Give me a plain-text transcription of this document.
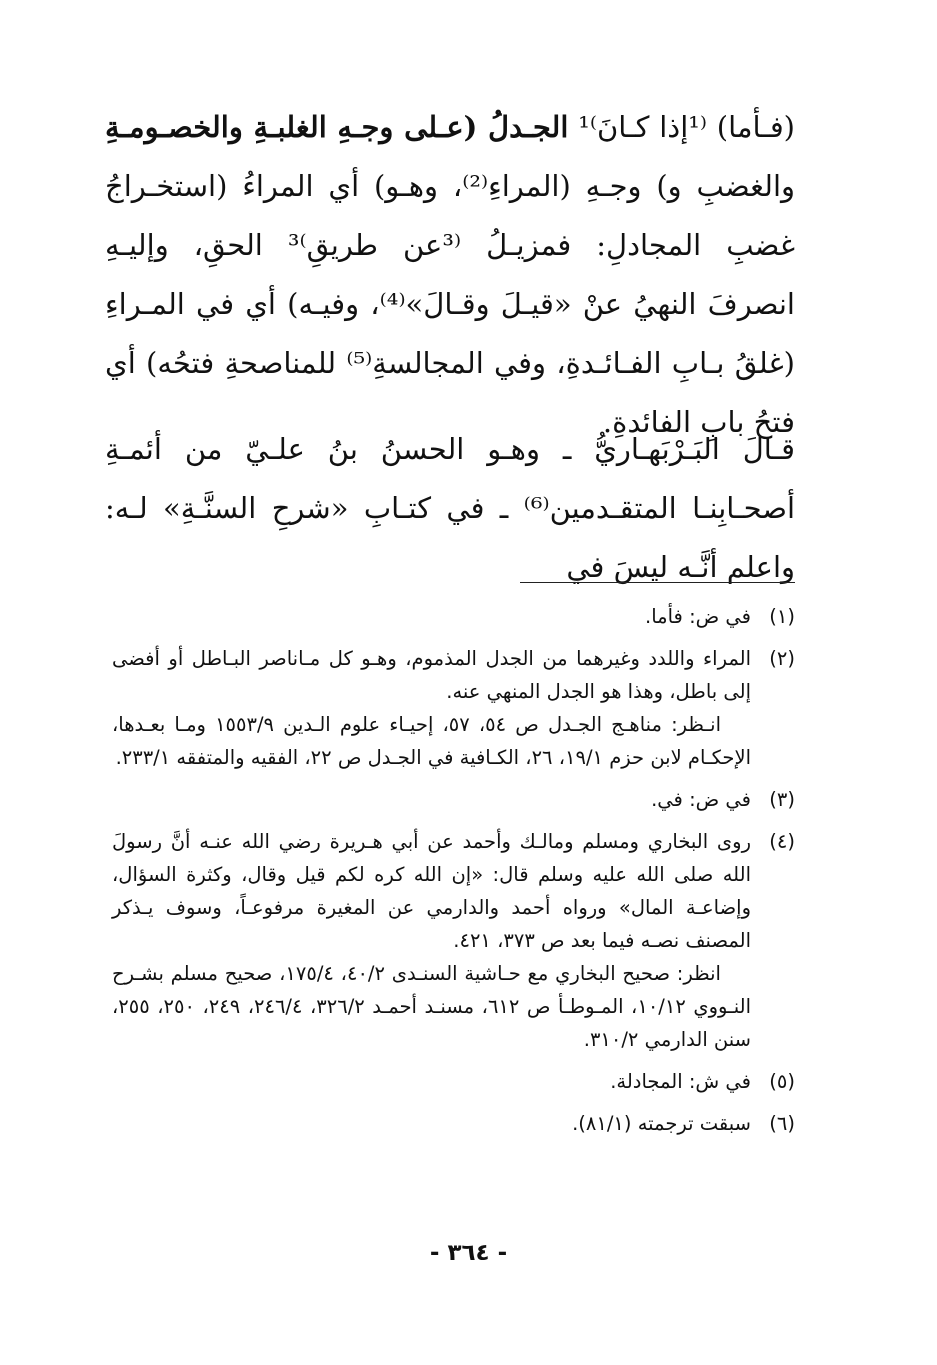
(فـأما) ⁽¹إذا كـانَ⁾¹ الجـدلُ (عـلى وجـهِ الغلبـةِ والخصـومـةِ والغضبِ و) وجـهِ (المراءِ⁽²⁾، وهـو) أي المراءُ (استخـراجُ غضبِ المجادلِ: فمزيـلُ ⁽³عن طريقِ⁾³ الحقِ، وإليـهِ انصرفَ النهيُ عنْ «قيـلَ وقـالَ»⁽⁴⁾، وفيـه) أي في المـراءِ (غلقُ بـابِ الفـائـدةِ، وفي المجالسةِ⁽⁵⁾ للمناصحةِ فتحُه) أي فتحُ بابِ الفائدةِ.

قـالَ البَـرْبَهـاريُّ ـ وهـو الحسنُ بنُ علـيّ من أئمـةِ أصحـابِنـا المتقـدمين⁽⁶⁾ ـ في كتـابِ «شرحِ السنَّـةِ» لـه: واعلم أنَّـه ليسَ في

(١)

في ض: فأما.

(٢)

المراء واللدد وغيرهما من الجدل المذموم، وهـو كل مـاناصر البـاطل أو أفضى إلى باطل، وهذا هو الجدل المنهي عنه.

انـظر: مناهـج الجـدل ص ٥٤، ٥٧، إحيـاء علوم الـدين ١٥٥٣/٩ ومـا بعـدها، الإحكـام لابن حزم ١٩/١، ٢٦، الكـافية في الجـدل ص ٢٢، الفقيه والمتفقه ٢٣٣/١.

(٣)

في ض: في.

(٤)

روى البخاري ومسلم ومالـك وأحمد عن أبي هـريرة رضي الله عنـه أنَّ رسولَ الله صلى الله عليه وسلم قال: «إن الله كره لكم قيل وقال، وكثرة السؤال، وإضاعـة المال» ورواه أحمد والدارمي عن المغيرة مرفوعـاً، وسوف يـذكر المصنف نصـه فيما بعد ص ٣٧٣، ٤٢١.

انظر: صحيح البخاري مع حـاشية السنـدى ٤٠/٢، ١٧٥/٤، صحيح مسلم بشـرح النـووي ١٠/١٢، المـوطـأ ص ٦١٢، مسنـد أحمـد ٣٢٦/٢، ٢٤٦/٤، ٢٤٩، ٢٥٠، ٢٥٥، سنن الدارمي ٣١٠/٢.

(٥)

في ش: المجادلة.

(٦)

سبقت ترجمته (٨١/١).

- ٣٦٤ -
